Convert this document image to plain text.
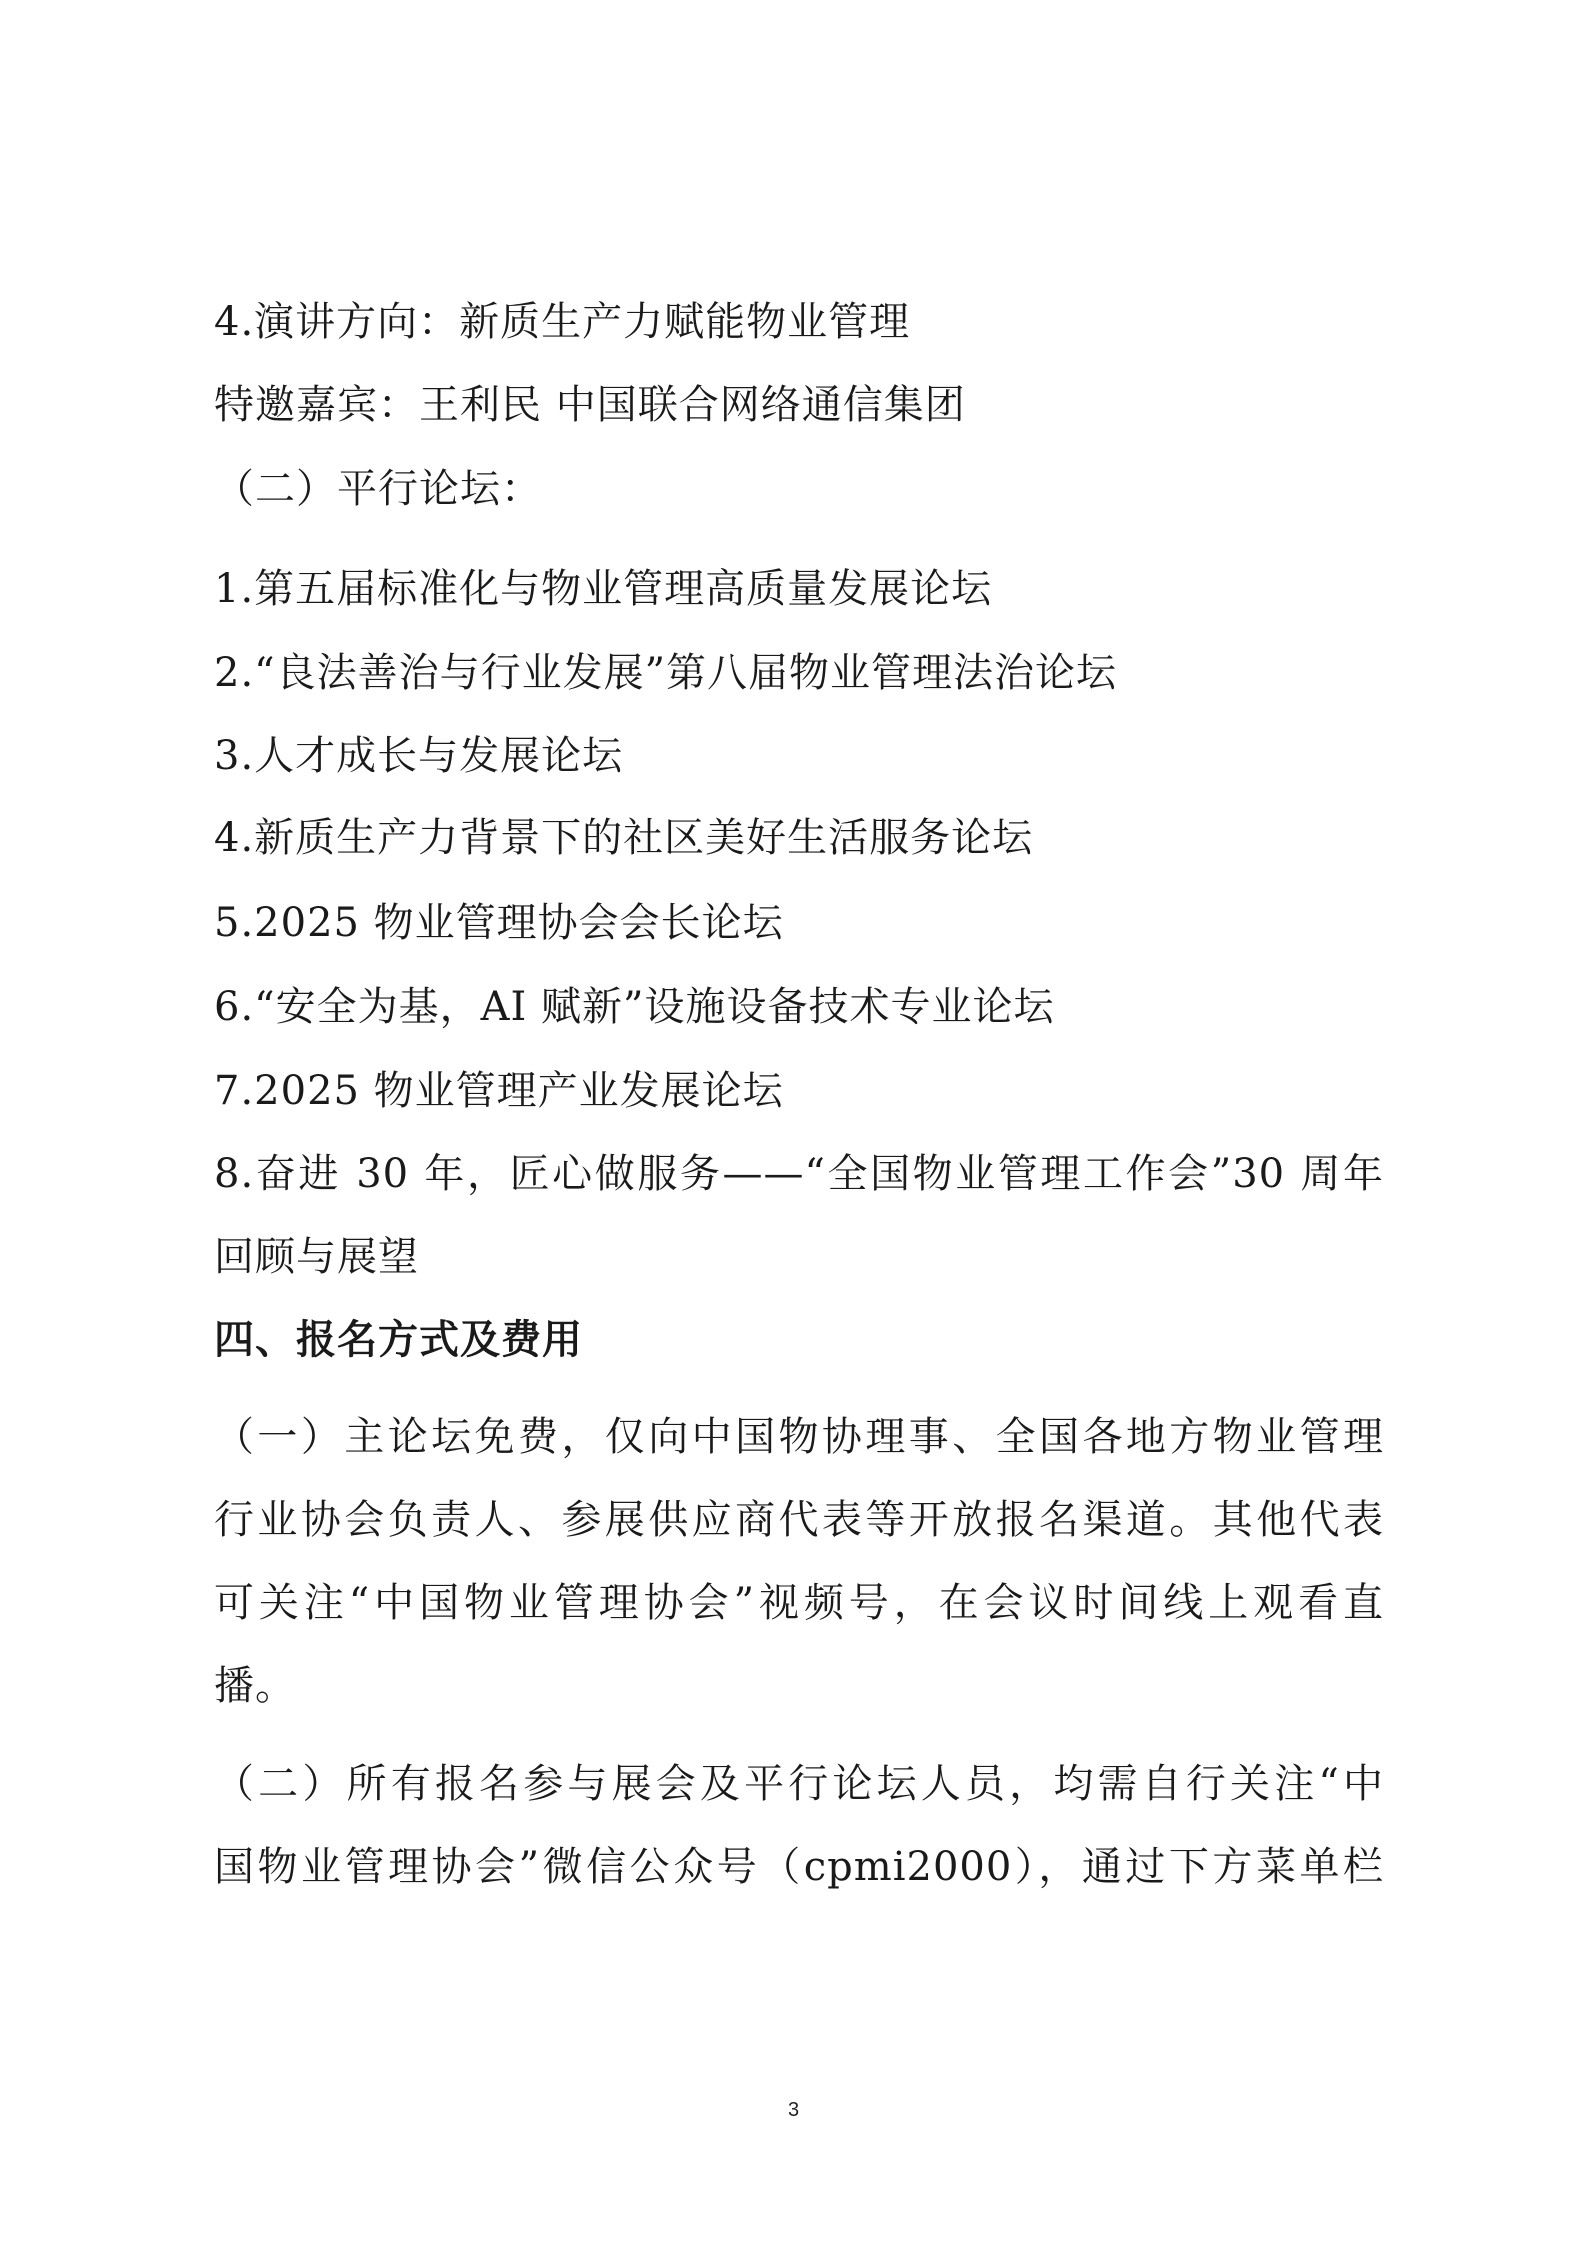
4.演讲方向：新质生产力赋能物业管理
特邀嘉宾：王利民 中国联合网络通信集团
（二）平行论坛：
1.第五届标准化与物业管理高质量发展论坛
2.“良法善治与行业发展”第八届物业管理法治论坛
3.人才成长与发展论坛
4.新质生产力背景下的社区美好生活服务论坛
5.2025 物业管理协会会长论坛
6.“安全为基，AI 赋新”设施设备技术专业论坛
7.2025 物业管理产业发展论坛
8.奋进 30 年，匠心做服务——“全国物业管理工作会”30 周年
回顾与展望
四、报名方式及费用
（一）主论坛免费，仅向中国物协理事、全国各地方物业管理
行业协会负责人、参展供应商代表等开放报名渠道。其他代表
可关注“中国物业管理协会”视频号，在会议时间线上观看直
播。
（二）所有报名参与展会及平行论坛人员，均需自行关注“中
国物业管理协会”微信公众号（cpmi2000），通过下方菜单栏
3
